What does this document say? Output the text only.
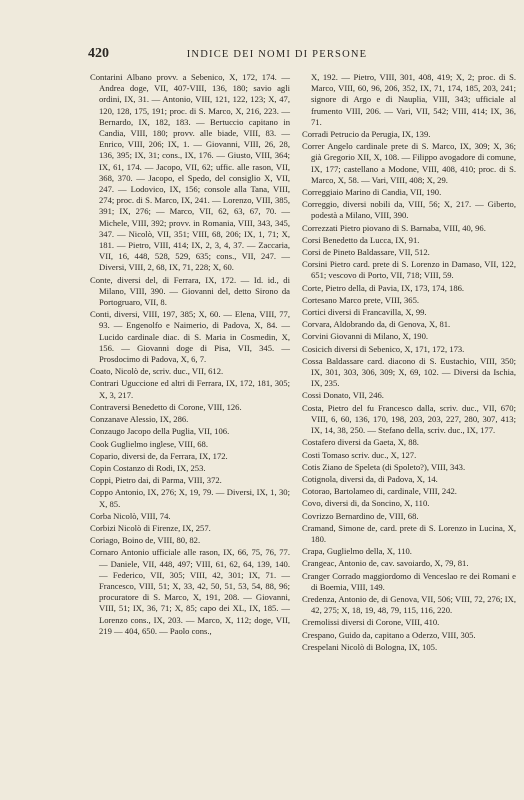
420	INDICE DEI NOMI DI PERSONE

Contarini Albano provv. a Sebenico, X, 172, 174. — Andrea doge, VII, 407-VIII, 136, 180; savio agli ordini, IX, 31. — Antonio, VIII, 121, 122, 123; X, 47, 120, 128, 175, 191; proc. di S. Marco, X, 216, 223. — Bernardo, IX, 182, 183. — Bertuccio capitano in Candia, VIII, 180; provv. alle biade, VIII, 83. — Enrico, VIII, 206; IX, 1. — Giovanni, VIII, 26, 28, 136, 395; IX, 31; cons., IX, 176. — Giusto, VIII, 364; IX, 61, 174. — Jacopo, VII, 62; uffic. alle rason, VII, 368, 370. — Jacopo, el Spedo, del consiglio X, VII, 247. — Lodovico, IX, 156; console alla Tana, VIII, 274; proc. di S. Marco, IX, 241. — Lorenzo, VIII, 385, 391; IX, 276; — Marco, VII, 62, 63, 67, 70. — Michele, VIII, 392; provv. in Romania, VIII, 343, 345, 347. — Nicolò, VII, 351; VIII, 68, 206; IX, 1, 71; X, 181. — Pietro, VIII, 414; IX, 2, 3, 4, 37. — Zaccaria, VII, 16, 448, 528, 529, 635; cons., VII, 247. — Diversi, VIII, 2, 68, IX, 71, 228; X, 60.

Conte, diversi del, di Ferrara, IX, 172. — Id. id., di Milano, VIII, 390. — Giovanni del, detto Sirono da Portogruaro, VII, 8.

Conti, diversi, VIII, 197, 385; X, 60. — Elena, VIII, 77, 93. — Engenolfo e Naimerio, di Padova, X, 84. — Lucido cardinale diac. di S. Maria in Cosmedin, X, 156. — Giovanni doge di Pisa, VII, 345. — Prosdocimo di Padova, X, 6, 7.

Coato, Nicolò de, scriv. duc., VII, 612.

Contrari Uguccione ed altri di Ferrara, IX, 172, 181, 305; X, 3, 217.

Contraversi Benedetto di Corone, VIII, 126.

Conzanave Alessio, IX, 286.

Conzaugo Jacopo della Puglia, VII, 106.

Cook Guglielmo inglese, VIII, 68.

Copario, diversi de, da Ferrara, IX, 172.

Copin Costanzo di Rodi, IX, 253.

Coppi, Pietro dai, di Parma, VIII, 372.

Coppo Antonio, IX, 276; X, 19, 79. — Diversi, IX, 1, 30; X, 85.

Corba Nicolò, VIII, 74.

Corbizi Nicolò di Firenze, IX, 257.

Coriago, Boino de, VIII, 80, 82.

Cornaro Antonio ufficiale alle rason, IX, 66, 75, 76, 77. — Daniele, VII, 448, 497; VIII, 61, 62, 64, 139, 140. — Federico, VII, 305; VIII, 42, 301; IX, 71. — Francesco, VIII, 51; X, 33, 42, 50, 51, 53, 54, 88, 96; procuratore di S. Marco, X, 191, 208. — Giovanni, VIII, 51; IX, 36, 71; X, 85; capo dei XL, IX, 185. — Lorenzo cons., IX, 203. — Marco, X, 112; doge, VII, 219 — 404, 650. — Paolo cons.,

X, 192. — Pietro, VIII, 301, 408, 419; X, 2; proc. di S. Marco, VIII, 60, 96, 206, 352, IX, 71, 174, 185, 203, 241; signore di Argo e di Nauplia, VIII, 343; ufficiale al frumento VIII, 206. — Vari, VII, 542; VIII, 414; IX, 36, 71.

Corradi Petrucio da Perugia, IX, 139.

Correr Angelo cardinale prete di S. Marco, IX, 309; X, 36; già Gregorio XII, X, 108. — Filippo avogadore di comune, IX, 177; castellano a Modone, VIII, 408, 410; proc. di S. Marco, X, 58. — Vari, VIII, 408; X, 29.

Correggiaio Marino di Candia, VII, 190.

Correggio, diversi nobili da, VIII, 56; X, 217. — Giberto, podestà a Milano, VIII, 390.

Correzzati Pietro piovano di S. Barnaba, VIII, 40, 96.

Corsi Benedetto da Lucca, IX, 91.

Corsi de Pineto Baldassare, VII, 512.

Corsini Pietro card. prete di S. Lorenzo in Damaso, VII, 122, 651; vescovo di Porto, VII, 718; VIII, 59.

Corte, Pietro della, di Pavia, IX, 173, 174, 186.

Cortesano Marco prete, VIII, 365.

Cortici diversi di Francavilla, X, 99.

Corvara, Aldobrando da, di Genova, X, 81.

Corvini Giovanni di Milano, X, 190.

Cosicich diversi di Sebenico, X, 171, 172, 173.

Cossa Baldassare card. diacono di S. Eustachio, VIII, 350; IX, 301, 303, 306, 309; X, 69, 102. — Diversi da Ischia, IX, 235.

Cossi Donato, VII, 246.

Costa, Pietro del fu Francesco dalla, scriv. duc., VII, 670; VIII, 6, 60, 136, 170, 198, 203, 203, 227, 280, 307, 413; IX, 14, 38, 250. — Stefano della, scriv. duc., IX, 177.

Costafero diversi da Gaeta, X, 88.

Costi Tomaso scriv. duc., X, 127.

Cotis Ziano de Speleta (di Spoleto?), VIII, 343.

Cotignola, diversi da, di Padova, X, 14.

Cotorao, Bartolameo di, cardinale, VIII, 242.

Covo, diversi di, da Soncino, X, 110.

Covrizzo Bernardino de, VIII, 68.

Cramand, Simone de, card. prete di S. Lorenzo in Lucina, X, 180.

Crapa, Guglielmo della, X, 110.

Crangeac, Antonio de, cav. savoiardo, X, 79, 81.

Cranger Corrado maggiordomo di Venceslao re dei Romani e di Boemia, VIII, 149.

Credenza, Antonio de, di Genova, VII, 506; VIII, 72, 276; IX, 42, 275; X, 18, 19, 48, 79, 115, 116, 220.

Cremolissi diversi di Corone, VIII, 410.

Crespano, Guido da, capitano a Oderzo, VIII, 305.

Crespelani Nicolò di Bologna, IX, 105.
